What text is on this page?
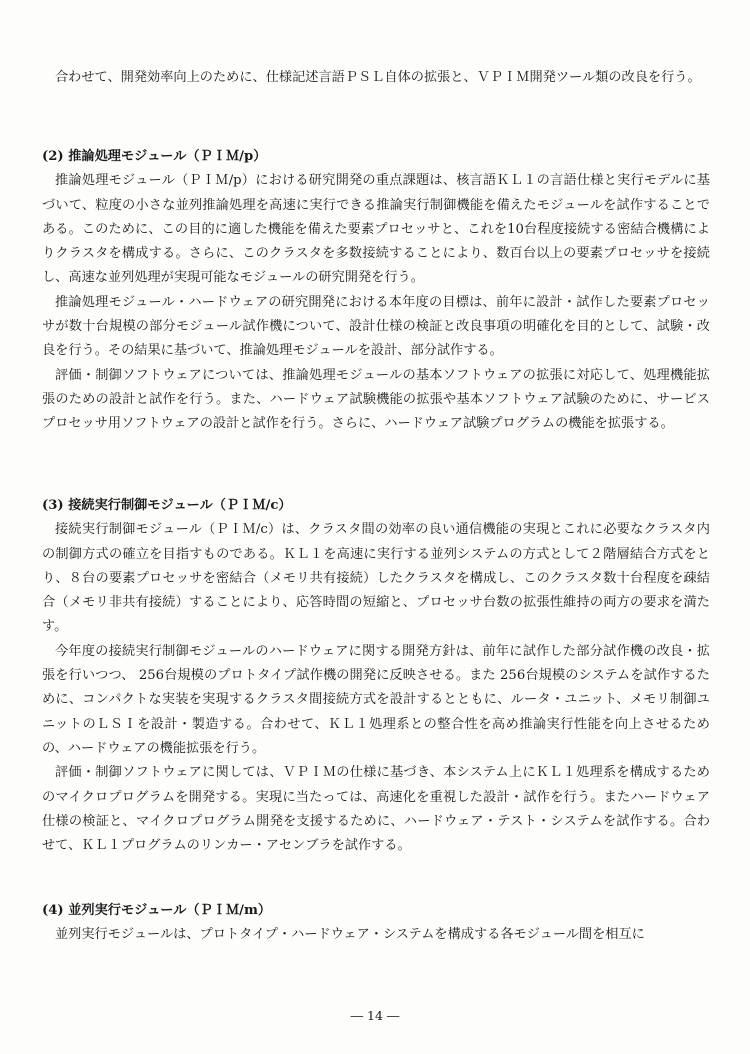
合わせて、開発効率向上のために、仕様記述言語ＰＳＬ自体の拡張と、ＶＰＩＭ開発ツール類の改良を行う。

(2) 推論処理モジュール（ＰＩＭ/p）

推論処理モジュール（ＰＩＭ/p）における研究開発の重点課題は、核言語ＫＬ１の言語仕様と実行モデルに基づいて、粒度の小さな並列推論処理を高速に実行できる推論実行制御機能を備えたモジュールを試作することである。このために、この目的に適した機能を備えた要素プロセッサと、これを10台程度接続する密結合機構によりクラスタを構成する。さらに、このクラスタを多数接続することにより、数百台以上の要素プロセッサを接続し、高速な並列処理が実現可能なモジュールの研究開発を行う。

推論処理モジュール・ハードウェアの研究開発における本年度の目標は、前年に設計・試作した要素プロセッサが数十台規模の部分モジュール試作機について、設計仕様の検証と改良事項の明確化を目的として、試験・改良を行う。その結果に基づいて、推論処理モジュールを設計、部分試作する。

評価・制御ソフトウェアについては、推論処理モジュールの基本ソフトウェアの拡張に対応して、処理機能拡張のための設計と試作を行う。また、ハードウェア試験機能の拡張や基本ソフトウェア試験のために、サービスプロセッサ用ソフトウェアの設計と試作を行う。さらに、ハードウェア試験プログラムの機能を拡張する。

(3) 接続実行制御モジュール（ＰＩＭ/c）

接続実行制御モジュール（ＰＩＭ/c）は、クラスタ間の効率の良い通信機能の実現とこれに必要なクラスタ内の制御方式の確立を目指すものである。ＫＬ１を高速に実行する並列システムの方式として２階層結合方式をとり、８台の要素プロセッサを密結合（メモリ共有接続）したクラスタを構成し、このクラスタ数十台程度を疎結合（メモリ非共有接続）することにより、応答時間の短縮と、プロセッサ台数の拡張性維持の両方の要求を満たす。

今年度の接続実行制御モジュールのハードウェアに関する開発方針は、前年に試作した部分試作機の改良・拡張を行いつつ、 256台規模のプロトタイプ試作機の開発に反映させる。また 256台規模のシステムを試作するために、コンパクトな実装を実現するクラスタ間接続方式を設計するとともに、ルータ・ユニット、メモリ制御ユニットのＬＳＩを設計・製造する。合わせて、ＫＬ１処理系との整合性を高め推論実行性能を向上させるための、ハードウェアの機能拡張を行う。

評価・制御ソフトウェアに関しては、ＶＰＩＭの仕様に基づき、本システム上にＫＬ１処理系を構成するためのマイクロプログラムを開発する。実現に当たっては、高速化を重視した設計・試作を行う。またハードウェア仕様の検証と、マイクロプログラム開発を支援するために、ハードウェア・テスト・システムを試作する。合わせて、ＫＬ１プログラムのリンカー・アセンブラを試作する。

(4) 並列実行モジュール（ＰＩＭ/m）

並列実行モジュールは、プロトタイプ・ハードウェア・システムを構成する各モジュール間を相互に

― 14 ―
